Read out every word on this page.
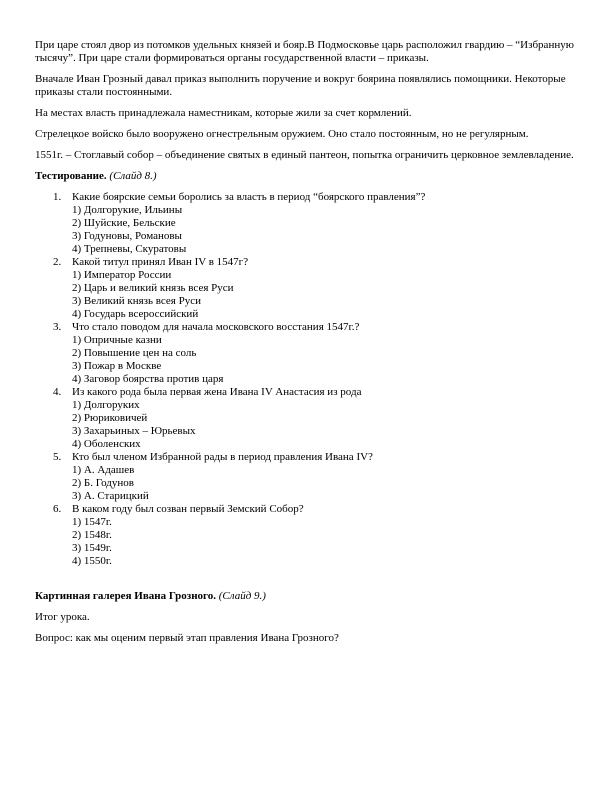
При царе стоял двор из потомков удельных князей и бояр.В Подмосковье царь расположил гвардию – “Избранную тысячу”. При царе стали формироваться органы государственной власти – приказы.

Вначале Иван Грозный давал приказ выполнить поручение и вокруг боярина появлялись помощники. Некоторые приказы стали постоянными.

На местах власть принадлежала наместникам, которые жили за счет кормлений.

Стрелецкое войско было вооружено огнестрельным оружием. Оно стало постоянным, но не регулярным.

1551г. – Стоглавый собор – объединение святых в единый пантеон, попытка ограничить церковное землевладение.

Тестирование. (Слайд 8.)
1. Какие боярские семьи боролись за власть в период “боярского правления”?
1) Долгорукие, Ильины
2) Шуйские, Бельские
3) Годуновы, Романовы
4) Трепневы, Скуратовы
2. Какой титул принял Иван IV в 1547г?
1) Император России
2) Царь и великий князь всея Руси
3) Великий князь всея Руси
4) Государь всероссийский
3. Что стало поводом для начала московского восстания 1547г.?
1) Опричные казни
2) Повышение цен на соль
3) Пожар в Москве
4) Заговор боярства против царя
4. Из какого рода была первая жена Ивана IV Анастасия из рода
1) Долгоруких
2) Рюриковичей
3) Захарьиных – Юрьевых
4) Оболенских
5. Кто был членом Избранной рады в период правления Ивана IV?
1) А. Адашев
2) Б. Годунов
3) А. Старицкий
6. В каком году был созван первый Земский Собор?
1) 1547г.
2) 1548г.
3) 1549г.
4) 1550г.
Картинная галерея Ивана Грозного. (Слайд 9.)

Итог урока.

Вопрос: как мы оценим первый этап правления Ивана Грозного?
